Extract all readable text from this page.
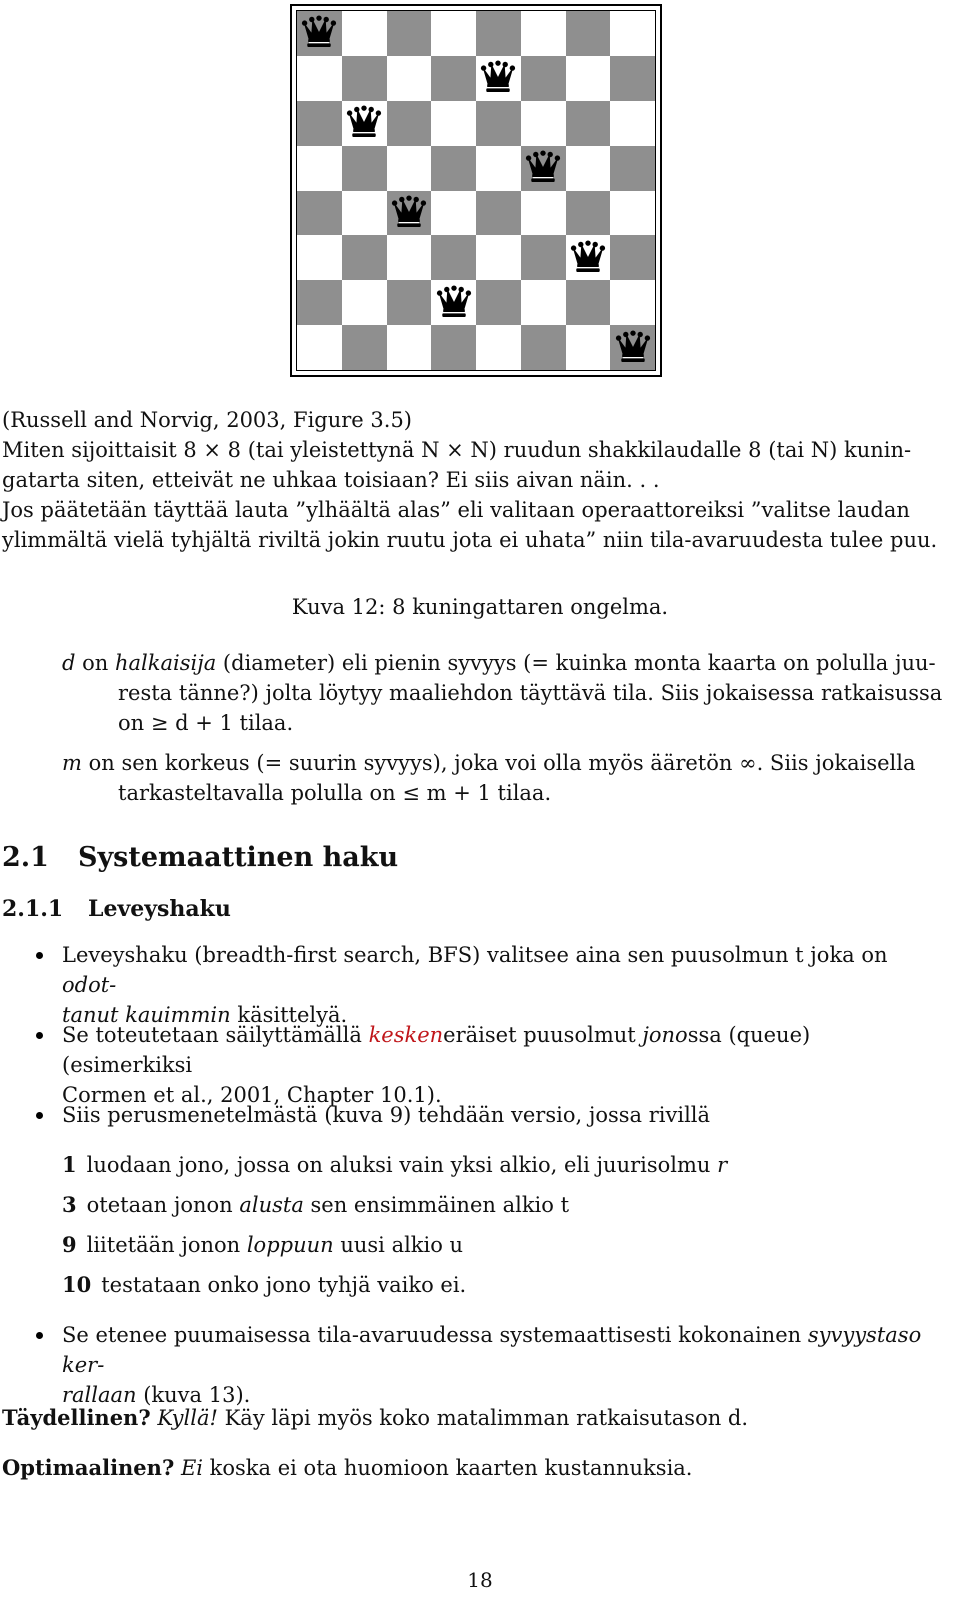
(Russell and Norvig, 2003, Figure 3.5)
Miten sijoittaisit 8 × 8 (tai yleistettynä N × N) ruudun shakkilaudalle 8 (tai N) kunin-
gatarta siten, etteivät ne uhkaa toisiaan? Ei siis aivan näin. . .
Jos päätetään täyttää lauta ”ylhäältä alas” eli valitaan operaattoreiksi ”valitse laudan
ylimmältä vielä tyhjältä riviltä jokin ruutu jota ei uhata” niin tila-avaruudesta tulee puu.
Kuva 12: 8 kuningattaren ongelma.
d on halkaisija (diameter) eli pienin syvyys (= kuinka monta kaarta on polulla juu-
resta tänne?) jolta löytyy maaliehdon täyttävä tila. Siis jokaisessa ratkaisussa
on ≥ d + 1 tilaa.
m on sen korkeus (= suurin syvyys), joka voi olla myös ääretön ∞. Siis jokaisella
tarkasteltavalla polulla on ≤ m + 1 tilaa.
2.1 Systemaattinen haku
2.1.1 Leveyshaku
Leveyshaku (breadth-first search, BFS) valitsee aina sen puusolmun t joka on odot-
tanut kauimmin käsittelyä.
Se toteutetaan säilyttämällä keskeneräiset puusolmut jonossa (queue) (esimerkiksi
Cormen et al., 2001, Chapter 10.1).
Siis perusmenetelmästä (kuva 9) tehdään versio, jossa rivillä
1 luodaan jono, jossa on aluksi vain yksi alkio, eli juurisolmu r
3 otetaan jonon alusta sen ensimmäinen alkio t
9 liitetään jonon loppuun uusi alkio u
10 testataan onko jono tyhjä vaiko ei.
Se etenee puumaisessa tila-avaruudessa systemaattisesti kokonainen syvyystaso ker-
rallaan (kuva 13).
Täydellinen? Kyllä! Käy läpi myös koko matalimman ratkaisutason d.
Optimaalinen? Ei koska ei ota huomioon kaarten kustannuksia.
18
